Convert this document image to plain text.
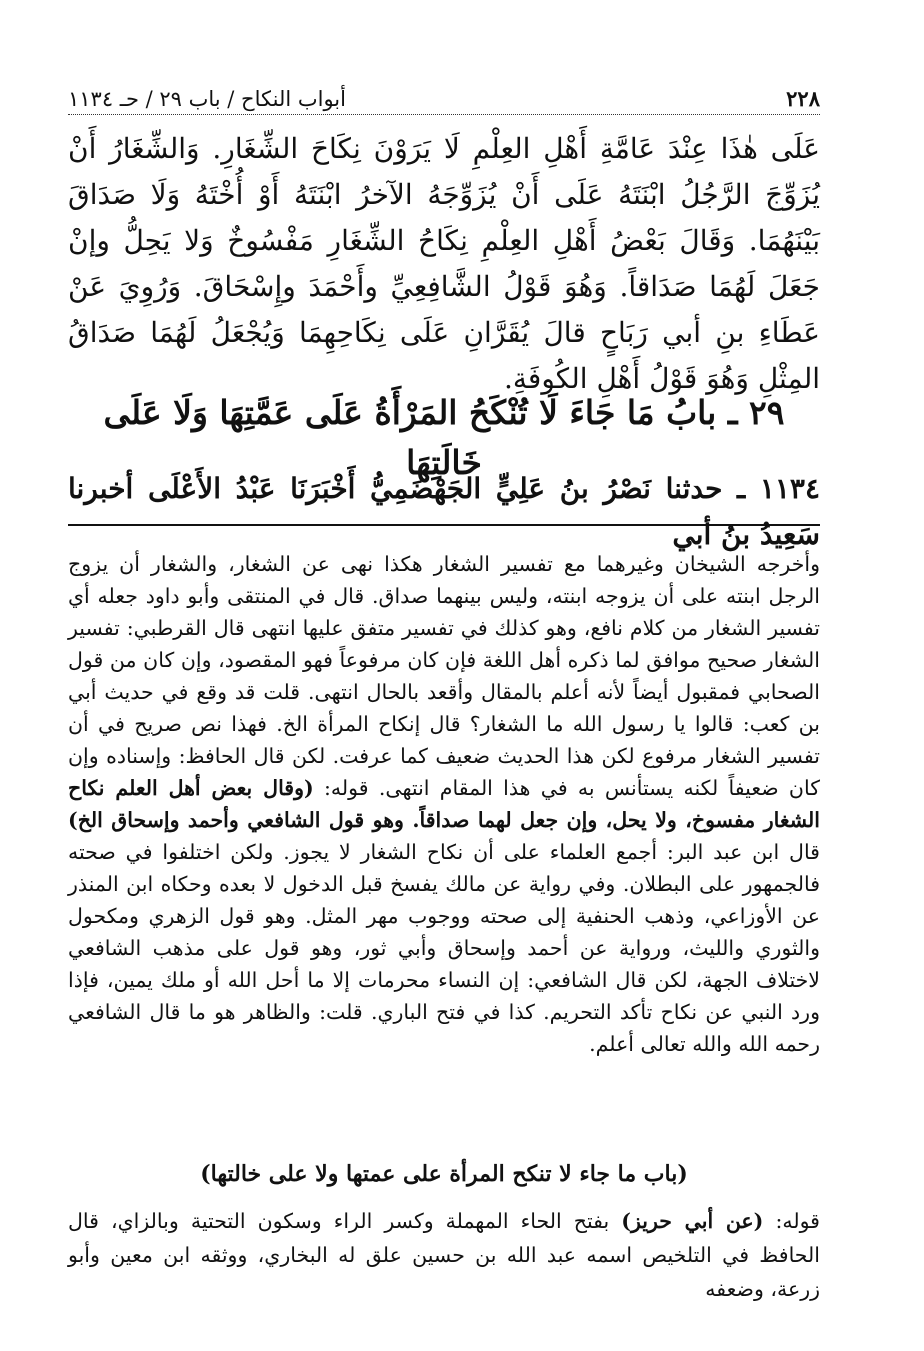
٢٢٨
أبواب النكاح / باب ٢٩ / حـ ١١٣٤

عَلَى هٰذَا عِنْدَ عَامَّةِ أَهْلِ العِلْمِ لَا يَرَوْنَ نِكَاحَ الشِّغَارِ. وَالشِّغَارُ أَنْ يُزَوِّجَ الرَّجُلُ ابْنَتَهُ عَلَى أَنْ يُزَوِّجَهُ الآخرُ ابْنَتَهُ أَوْ أُخْتَهُ وَلَا صَدَاقَ بَيْنَهُمَا. وَقَالَ بَعْضُ أَهْلِ العِلْمِ نِكَاحُ الشِّغَارِ مَفْسُوخٌ وَلا يَحِلُّ وإنْ جَعَلَ لَهُمَا صَدَاقاً. وَهُوَ قَوْلُ الشَّافِعِيِّ وأَحْمَدَ وإِسْحَاقَ. وَرُوِيَ عَنْ عَطَاءِ بنِ أبي رَبَاحٍ قالَ يُقَرَّانِ عَلَى نِكَاحِهِمَا وَيُجْعَلُ لَهُمَا صَدَاقُ المِثْلِ وَهُوَ قَوْلُ أَهْلِ الكُوفَةِ.

٢٩ ـ بابُ مَا جَاءَ لَا تُنْكَحُ المَرْأَةُ عَلَى عَمَّتِهَا وَلَا عَلَى خَالَتِهَا
١١٣٤ ـ حدثنا نَصْرُ بنُ عَلِيٍّ الجَهْضَمِيُّ أَخْبَرَنَا عَبْدُ الأَعْلَى أخبرنا سَعِيدُ بنُ أبي

وأخرجه الشيخان وغيرهما مع تفسير الشغار هكذا نهى عن الشغار، والشغار أن يزوج الرجل ابنته على أن يزوجه ابنته، وليس بينهما صداق. قال في المنتقى وأبو داود جعله أي تفسير الشغار من كلام نافع، وهو كذلك في تفسير متفق عليها انتهى قال القرطبي: تفسير الشغار صحيح موافق لما ذكره أهل اللغة فإن كان مرفوعاً فهو المقصود، وإن كان من قول الصحابي فمقبول أيضاً لأنه أعلم بالمقال وأقعد بالحال انتهى. قلت قد وقع في حديث أبي بن كعب: قالوا يا رسول الله ما الشغار؟ قال إنكاح المرأة الخ. فهذا نص صريح في أن تفسير الشغار مرفوع لكن هذا الحديث ضعيف كما عرفت. لكن قال الحافظ: وإسناده وإن كان ضعيفاً لكنه يستأنس به في هذا المقام انتهى. قوله: (وقال بعض أهل العلم نكاح الشغار مفسوخ، ولا يحل، وإن جعل لهما صداقاً. وهو قول الشافعي وأحمد وإسحاق الخ) قال ابن عبد البر: أجمع العلماء على أن نكاح الشغار لا يجوز. ولكن اختلفوا في صحته فالجمهور على البطلان. وفي رواية عن مالك يفسخ قبل الدخول لا بعده وحكاه ابن المنذر عن الأوزاعي، وذهب الحنفية إلى صحته ووجوب مهر المثل. وهو قول الزهري ومكحول والثوري والليث، ورواية عن أحمد وإسحاق وأبي ثور، وهو قول على مذهب الشافعي لاختلاف الجهة، لكن قال الشافعي: إن النساء محرمات إلا ما أحل الله أو ملك يمين، فإذا ورد النبي عن نكاح تأكد التحريم. كذا في فتح الباري. قلت: والظاهر هو ما قال الشافعي رحمه الله والله تعالى أعلم.

(باب ما جاء لا تنكح المرأة على عمتها ولا على خالتها)

قوله: (عن أبي حريز) بفتح الحاء المهملة وكسر الراء وسكون التحتية وبالزاي، قال الحافظ في التلخيص اسمه عبد الله بن حسين علق له البخاري، ووثقه ابن معين وأبو زرعة، وضعفه
